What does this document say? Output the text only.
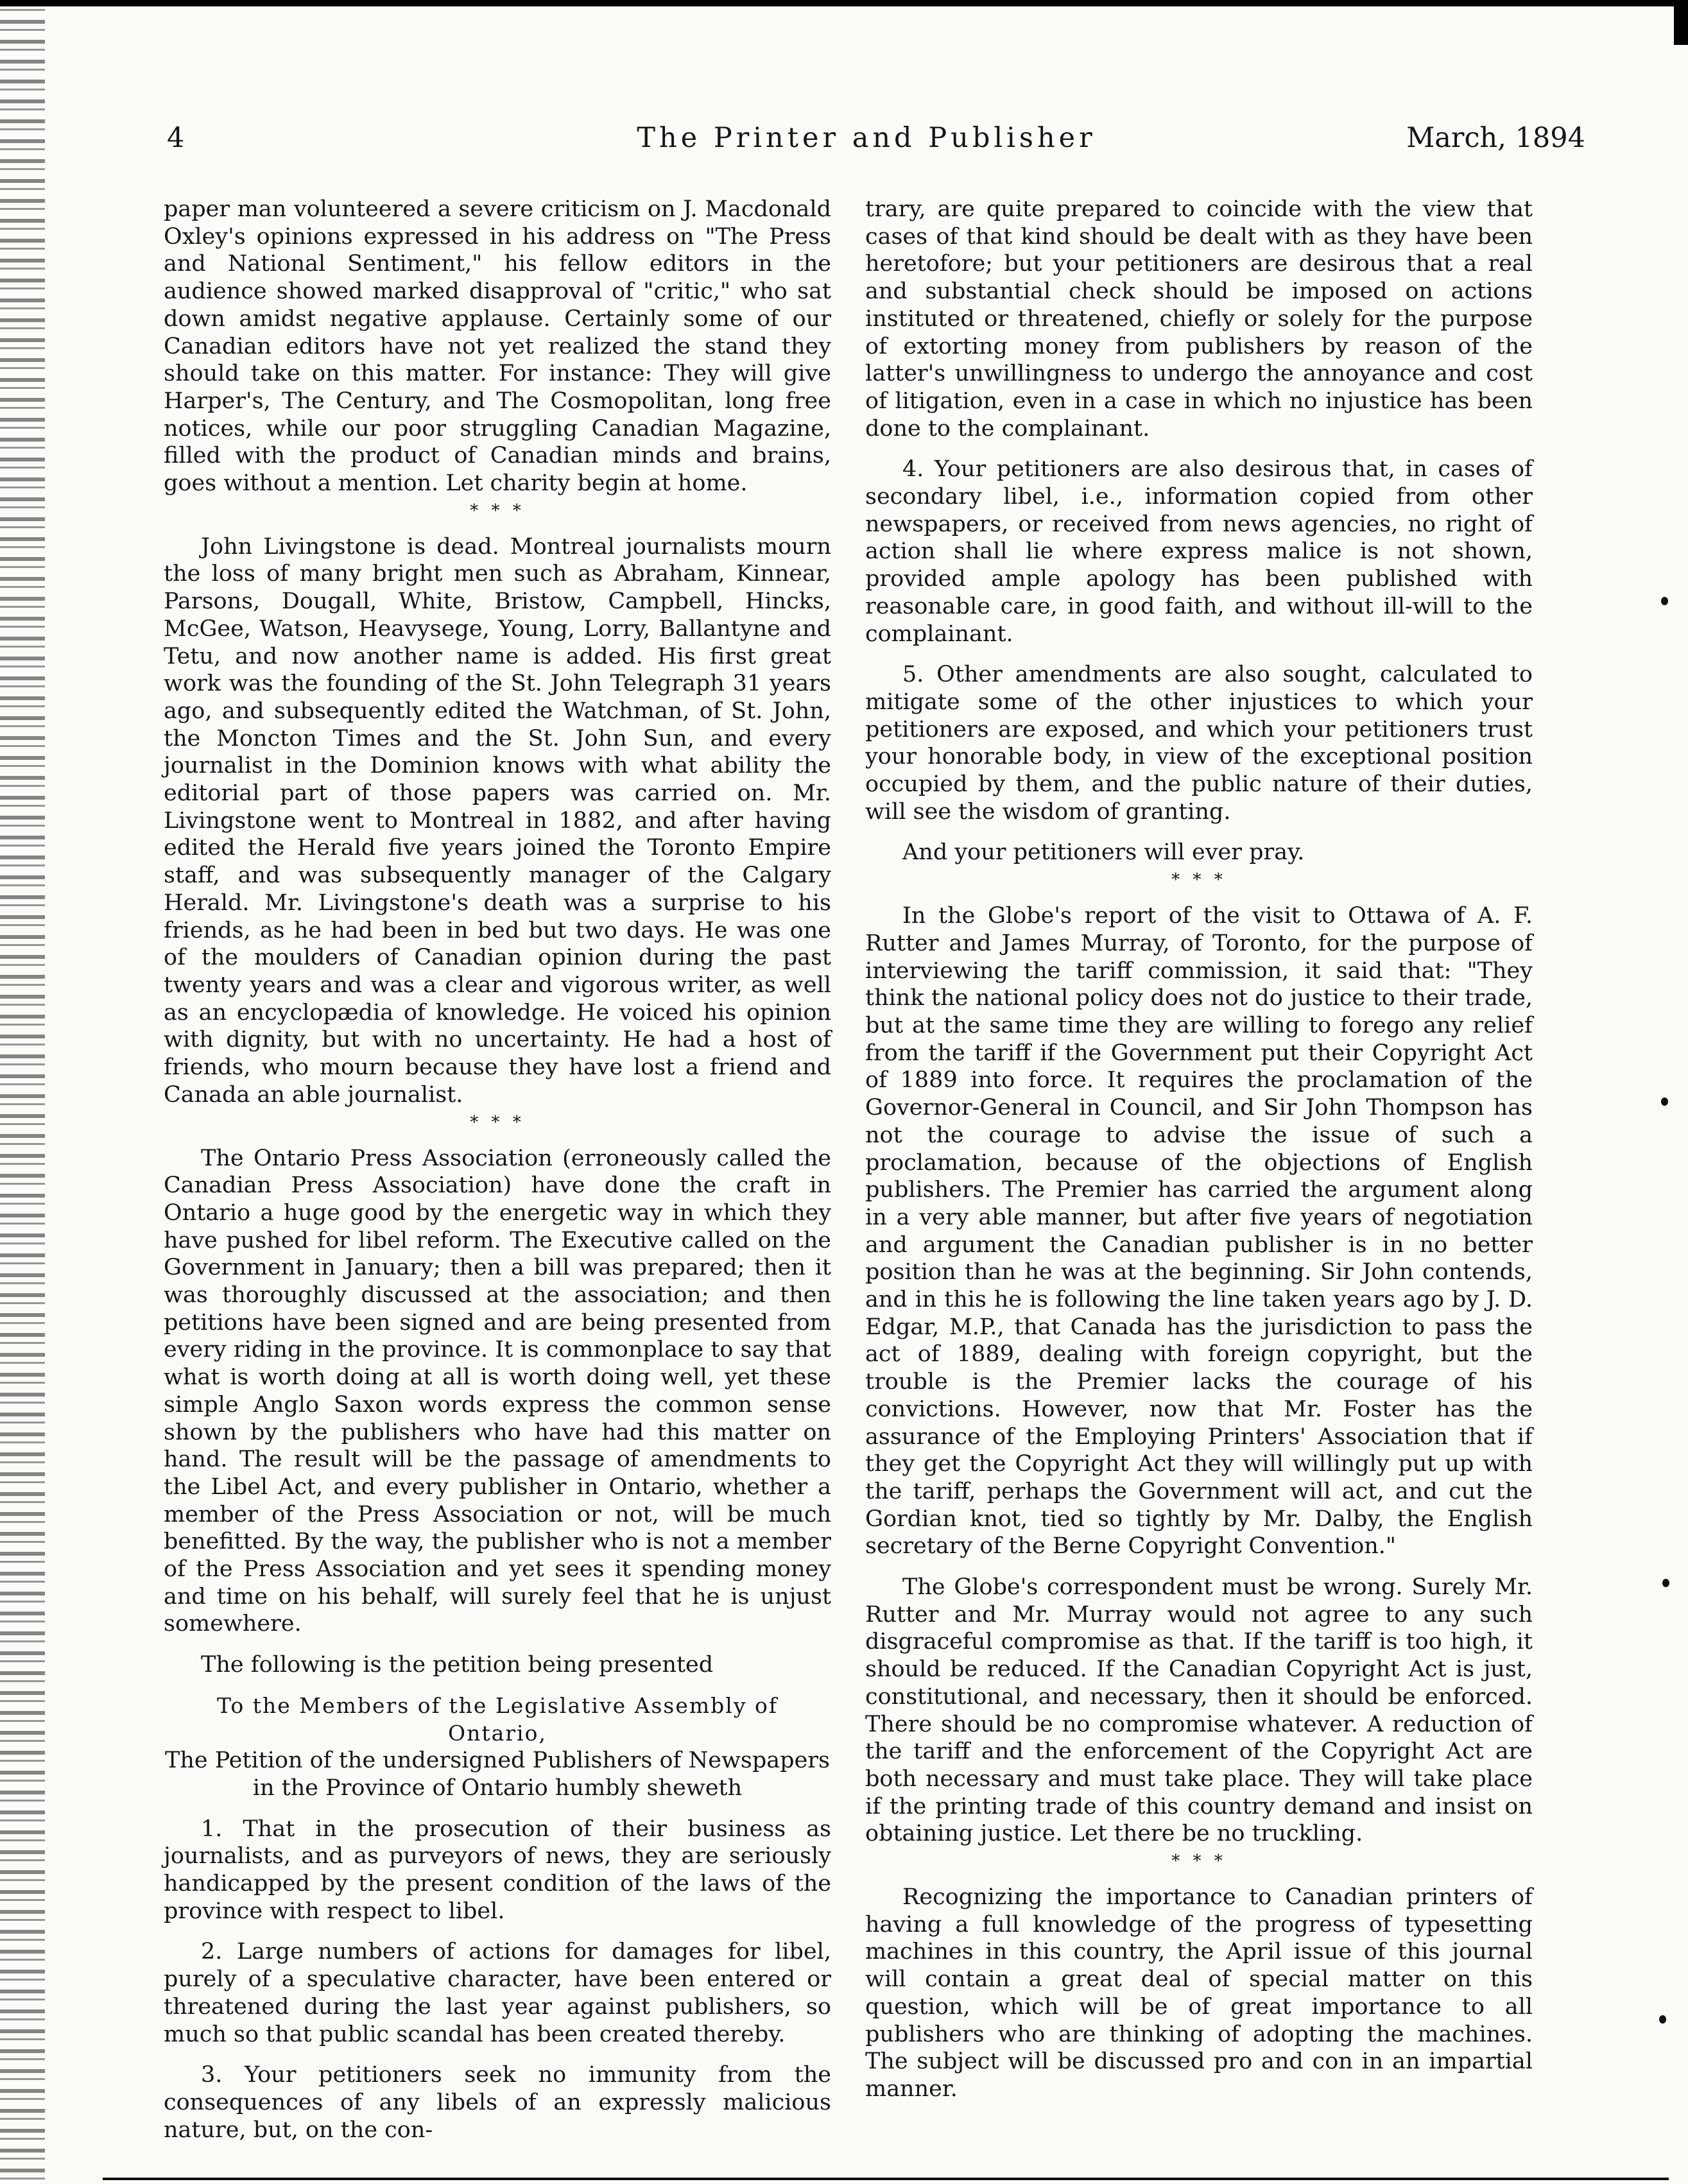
4	The Printer and Publisher	March, 1894

paper man volunteered a severe criticism on J. Macdonald Oxley's opinions expressed in his address on "The Press and National Sentiment," his fellow editors in the audience showed marked disapproval of "critic," who sat down amidst negative applause. Certainly some of our Canadian editors have not yet realized the stand they should take on this matter. For instance: They will give Harper's, The Century, and The Cosmopolitan, long free notices, while our poor struggling Canadian Magazine, filled with the product of Canadian minds and brains, goes without a mention. Let charity begin at home.

* * *

John Livingstone is dead. Montreal journalists mourn the loss of many bright men such as Abraham, Kinnear, Parsons, Dougall, White, Bristow, Campbell, Hincks, McGee, Watson, Heavysege, Young, Lorry, Ballantyne and Tetu, and now another name is added. His first great work was the founding of the St. John Telegraph 31 years ago, and subsequently edited the Watchman, of St. John, the Moncton Times and the St. John Sun, and every journalist in the Dominion knows with what ability the editorial part of those papers was carried on. Mr. Livingstone went to Montreal in 1882, and after having edited the Herald five years joined the Toronto Empire staff, and was subsequently manager of the Calgary Herald. Mr. Livingstone's death was a surprise to his friends, as he had been in bed but two days. He was one of the moulders of Canadian opinion during the past twenty years and was a clear and vigorous writer, as well as an encyclopædia of knowledge. He voiced his opinion with dignity, but with no uncertainty. He had a host of friends, who mourn because they have lost a friend and Canada an able journalist.

* * *

The Ontario Press Association (erroneously called the Canadian Press Association) have done the craft in Ontario a huge good by the energetic way in which they have pushed for libel reform. The Executive called on the Government in January; then a bill was prepared; then it was thoroughly discussed at the association; and then petitions have been signed and are being presented from every riding in the province. It is commonplace to say that what is worth doing at all is worth doing well, yet these simple Anglo Saxon words express the common sense shown by the publishers who have had this matter on hand. The result will be the passage of amendments to the Libel Act, and every publisher in Ontario, whether a member of the Press Association or not, will be much benefitted. By the way, the publisher who is not a member of the Press Association and yet sees it spending money and time on his behalf, will surely feel that he is unjust somewhere.

The following is the petition being presented

To the Members of the Legislative Assembly of Ontario,

The Petition of the undersigned Publishers of Newspapers in the Province of Ontario humbly sheweth

1. That in the prosecution of their business as journalists, and as purveyors of news, they are seriously handicapped by the present condition of the laws of the province with respect to libel.

2. Large numbers of actions for damages for libel, purely of a speculative character, have been entered or threatened during the last year against publishers, so much so that public scandal has been created thereby.

3. Your petitioners seek no immunity from the consequences of any libels of an expressly malicious nature, but, on the con-

trary, are quite prepared to coincide with the view that cases of that kind should be dealt with as they have been heretofore; but your petitioners are desirous that a real and substantial check should be imposed on actions instituted or threatened, chiefly or solely for the purpose of extorting money from publishers by reason of the latter's unwillingness to undergo the annoyance and cost of litigation, even in a case in which no injustice has been done to the complainant.

4. Your petitioners are also desirous that, in cases of secondary libel, i.e., information copied from other newspapers, or received from news agencies, no right of action shall lie where express malice is not shown, provided ample apology has been published with reasonable care, in good faith, and without ill-will to the complainant.

5. Other amendments are also sought, calculated to mitigate some of the other injustices to which your petitioners are exposed, and which your petitioners trust your honorable body, in view of the exceptional position occupied by them, and the public nature of their duties, will see the wisdom of granting.

And your petitioners will ever pray.

* * *

In the Globe's report of the visit to Ottawa of A. F. Rutter and James Murray, of Toronto, for the purpose of interviewing the tariff commission, it said that: "They think the national policy does not do justice to their trade, but at the same time they are willing to forego any relief from the tariff if the Government put their Copyright Act of 1889 into force. It requires the proclamation of the Governor-General in Council, and Sir John Thompson has not the courage to advise the issue of such a proclamation, because of the objections of English publishers. The Premier has carried the argument along in a very able manner, but after five years of negotiation and argument the Canadian publisher is in no better position than he was at the beginning. Sir John contends, and in this he is following the line taken years ago by J. D. Edgar, M.P., that Canada has the jurisdiction to pass the act of 1889, dealing with foreign copyright, but the trouble is the Premier lacks the courage of his convictions. However, now that Mr. Foster has the assurance of the Employing Printers' Association that if they get the Copyright Act they will willingly put up with the tariff, perhaps the Government will act, and cut the Gordian knot, tied so tightly by Mr. Dalby, the English secretary of the Berne Copyright Convention."

The Globe's correspondent must be wrong. Surely Mr. Rutter and Mr. Murray would not agree to any such disgraceful compromise as that. If the tariff is too high, it should be reduced. If the Canadian Copyright Act is just, constitutional, and necessary, then it should be enforced. There should be no compromise whatever. A reduction of the tariff and the enforcement of the Copyright Act are both necessary and must take place. They will take place if the printing trade of this country demand and insist on obtaining justice. Let there be no truckling.

* * *

Recognizing the importance to Canadian printers of having a full knowledge of the progress of typesetting machines in this country, the April issue of this journal will contain a great deal of special matter on this question, which will be of great importance to all publishers who are thinking of adopting the machines. The subject will be discussed pro and con in an impartial manner.
